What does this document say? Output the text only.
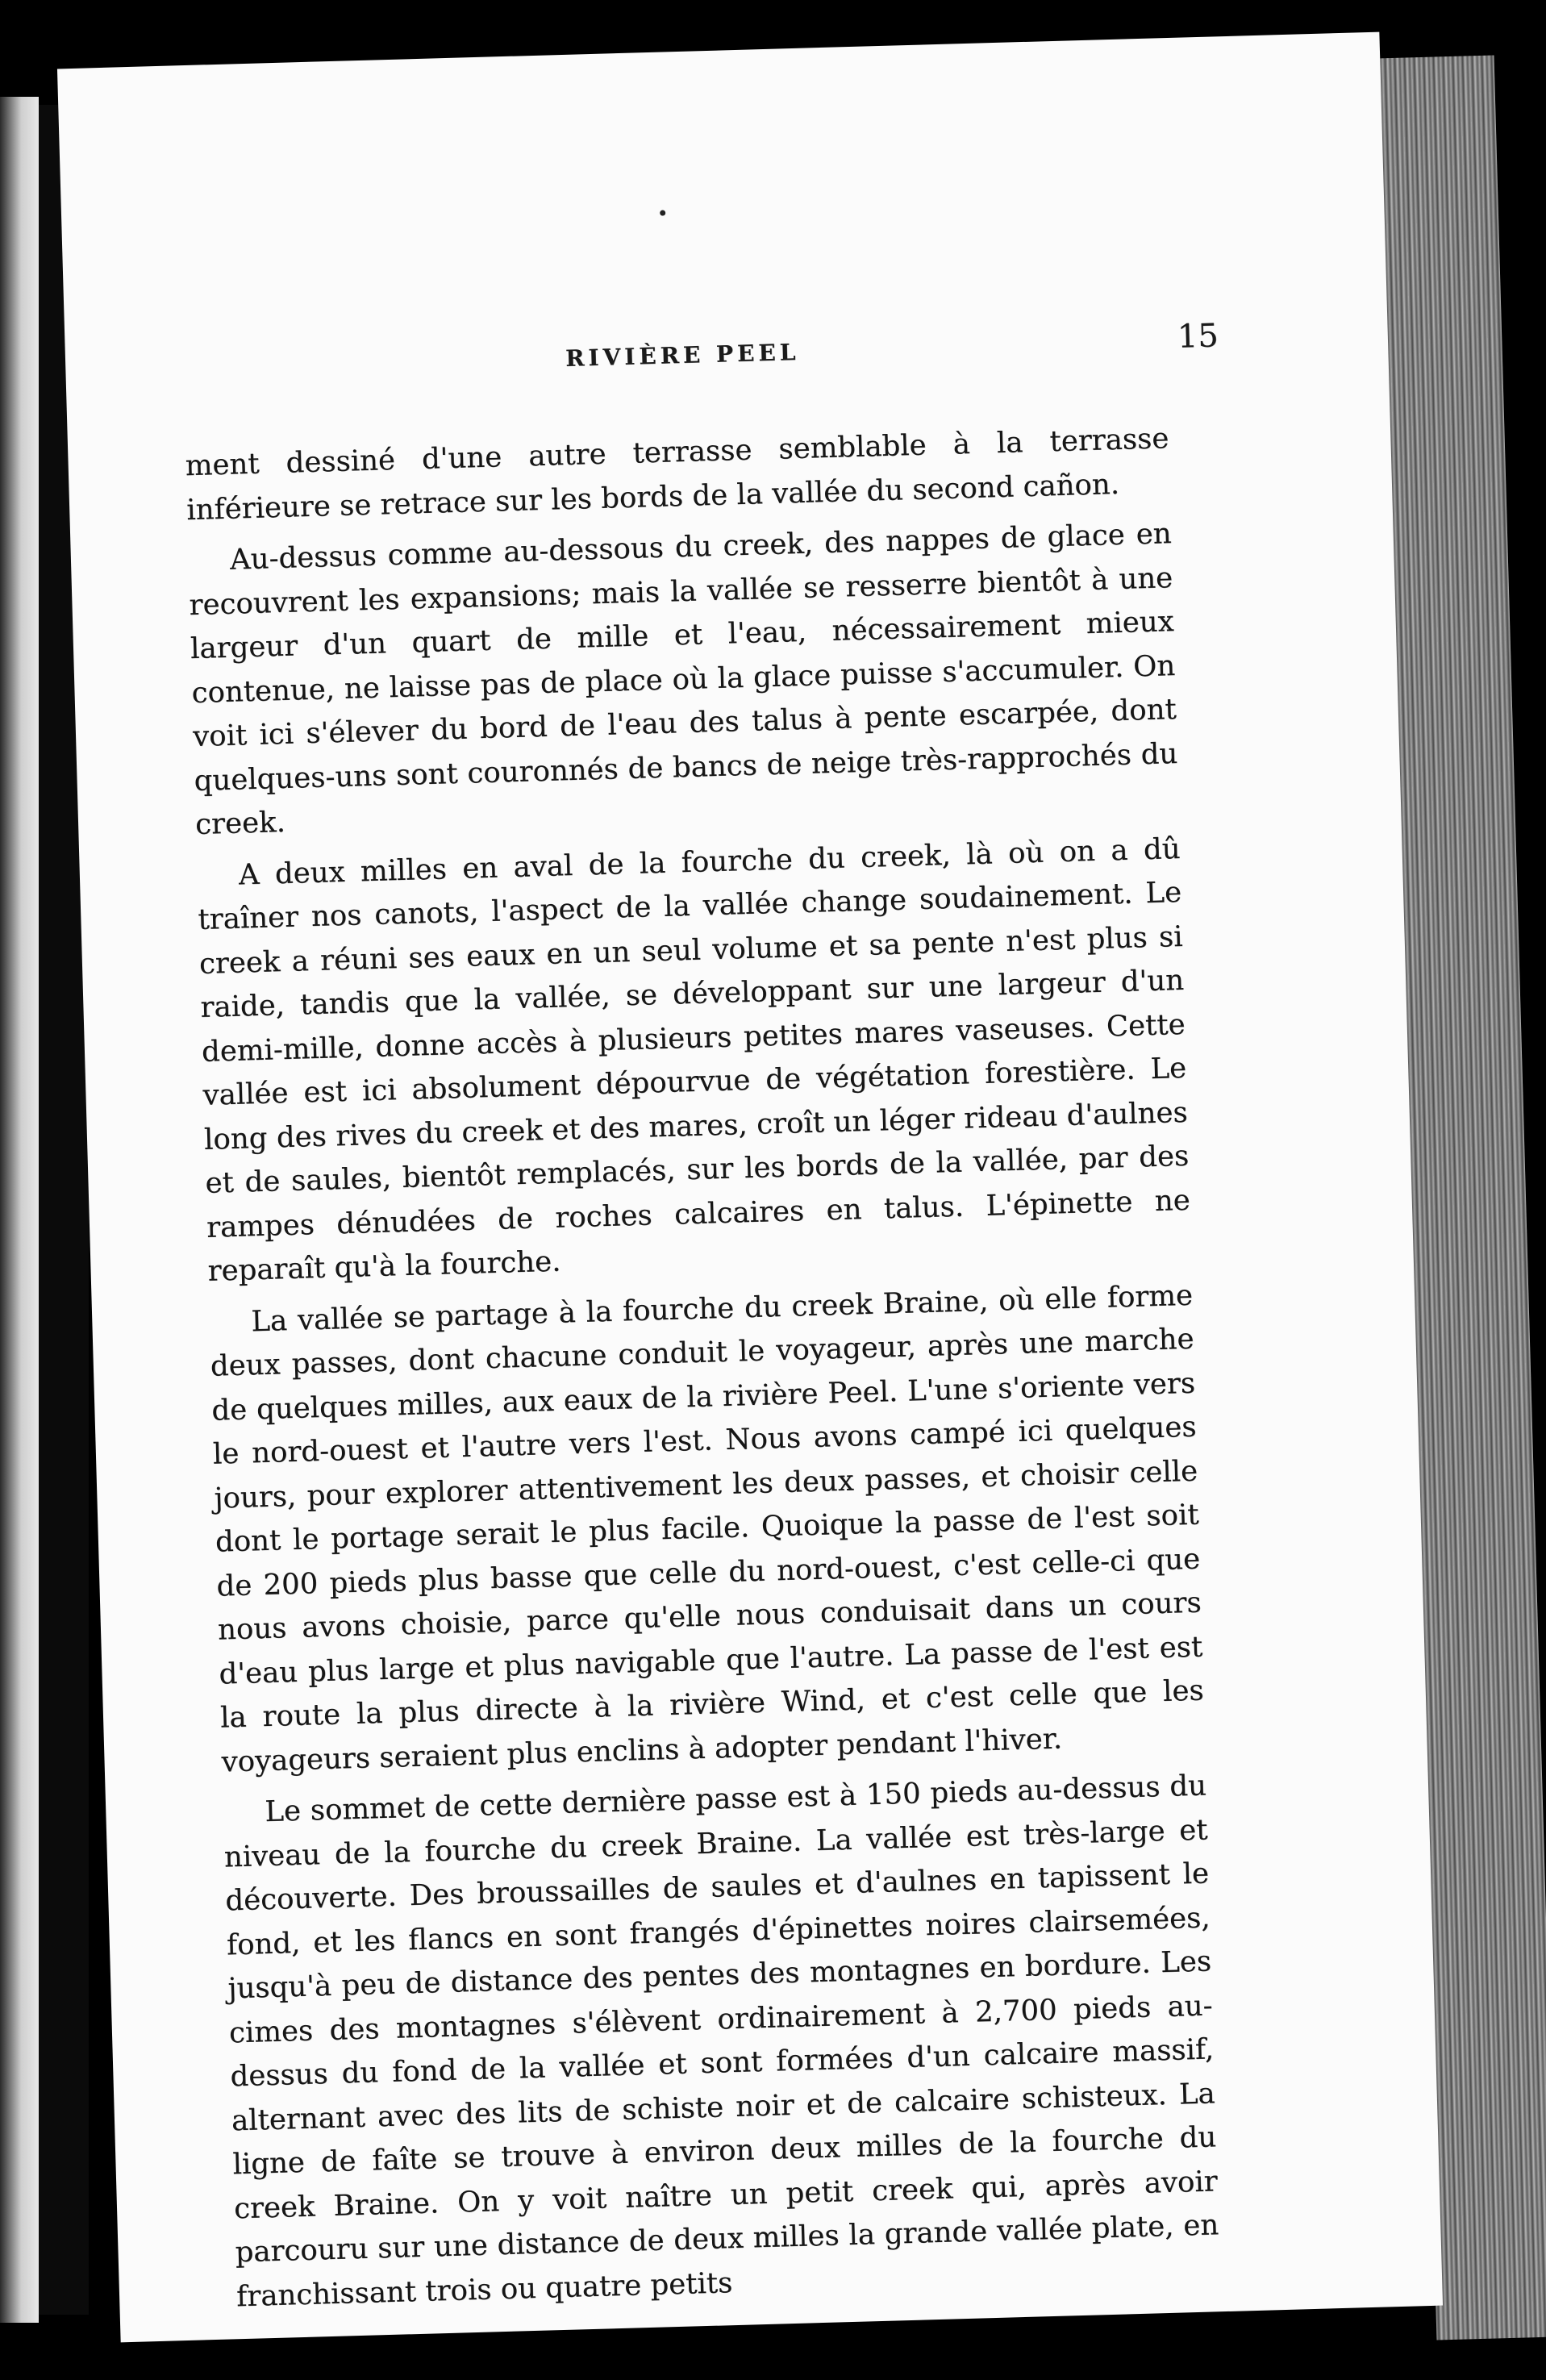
RIVIÈRE PEEL	15

ment dessiné d'une autre terrasse semblable à la terrasse inférieure se retrace sur les bords de la vallée du second cañon.

Au-dessus comme au-dessous du creek, des nappes de glace en recouvrent les expansions; mais la vallée se resserre bientôt à une largeur d'un quart de mille et l'eau, nécessairement mieux contenue, ne laisse pas de place où la glace puisse s'accumuler. On voit ici s'élever du bord de l'eau des talus à pente escarpée, dont quelques-uns sont couronnés de bancs de neige très-rapprochés du creek.

A deux milles en aval de la fourche du creek, là où on a dû traîner nos canots, l'aspect de la vallée change soudainement. Le creek a réuni ses eaux en un seul volume et sa pente n'est plus si raide, tandis que la vallée, se développant sur une largeur d'un demi-mille, donne accès à plusieurs petites mares vaseuses. Cette vallée est ici absolument dépourvue de végétation forestière. Le long des rives du creek et des mares, croît un léger rideau d'aulnes et de saules, bientôt remplacés, sur les bords de la vallée, par des rampes dénudées de roches calcaires en talus. L'épinette ne reparaît qu'à la fourche.

La vallée se partage à la fourche du creek Braine, où elle forme deux passes, dont chacune conduit le voyageur, après une marche de quelques milles, aux eaux de la rivière Peel. L'une s'oriente vers le nord-ouest et l'autre vers l'est. Nous avons campé ici quelques jours, pour explorer attentivement les deux passes, et choisir celle dont le portage serait le plus facile. Quoique la passe de l'est soit de 200 pieds plus basse que celle du nord-ouest, c'est celle-ci que nous avons choisie, parce qu'elle nous conduisait dans un cours d'eau plus large et plus navigable que l'autre. La passe de l'est est la route la plus directe à la rivière Wind, et c'est celle que les voyageurs seraient plus enclins à adopter pendant l'hiver.

Le sommet de cette dernière passe est à 150 pieds au-dessus du niveau de la fourche du creek Braine. La vallée est très-large et découverte. Des broussailles de saules et d'aulnes en tapissent le fond, et les flancs en sont frangés d'épinettes noires clairsemées, jusqu'à peu de distance des pentes des montagnes en bordure. Les cimes des montagnes s'élèvent ordinairement à 2,700 pieds au-dessus du fond de la vallée et sont formées d'un calcaire massif, alternant avec des lits de schiste noir et de calcaire schisteux. La ligne de faîte se trouve à environ deux milles de la fourche du creek Braine. On y voit naître un petit creek qui, après avoir parcouru sur une distance de deux milles la grande vallée plate, en franchissant trois ou quatre petits
